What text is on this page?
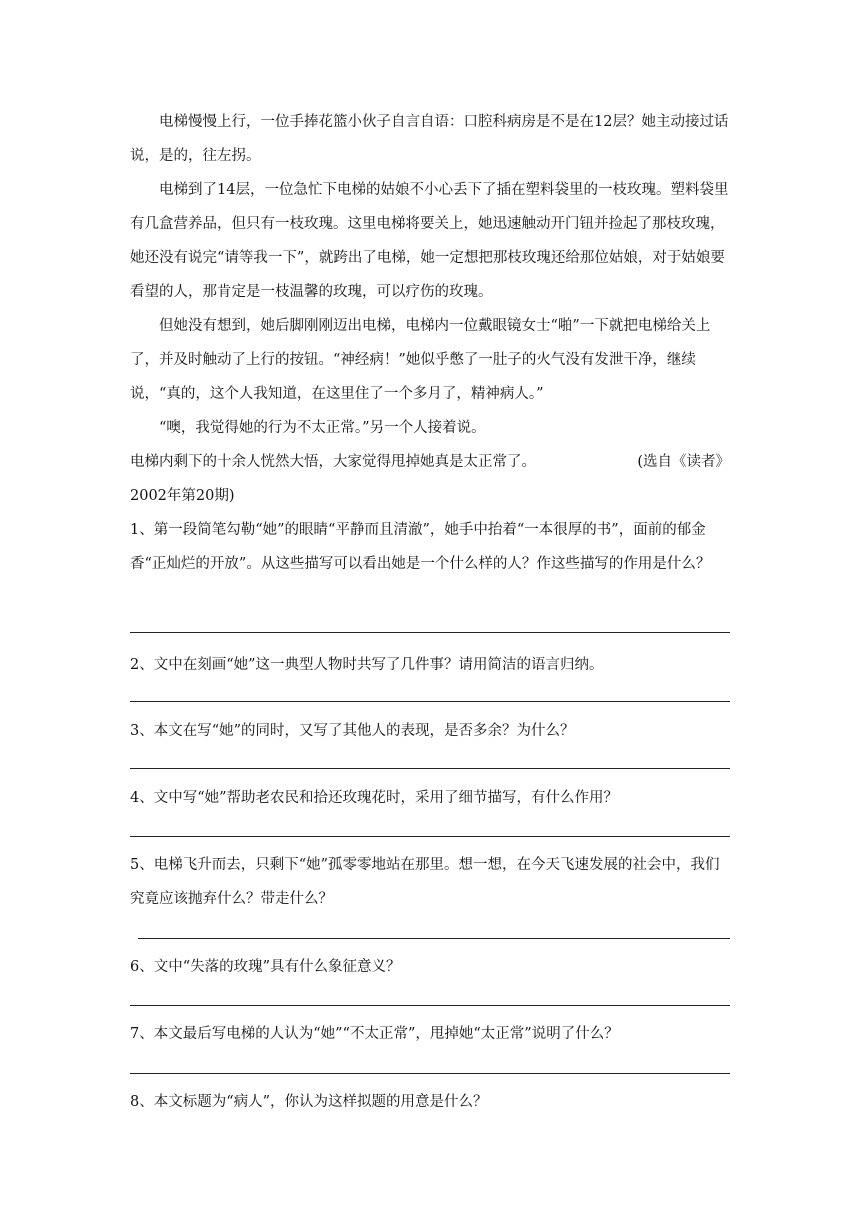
电梯慢慢上行，一位手捧花篮小伙子自言自语：口腔科病房是不是在12层？她主动接过话说，是的，往左拐。

电梯到了14层，一位急忙下电梯的姑娘不小心丢下了插在塑料袋里的一枝玫瑰。塑料袋里有几盒营养品，但只有一枝玫瑰。这里电梯将要关上，她迅速触动开门钮并捡起了那枝玫瑰，她还没有说完“请等我一下”，就跨出了电梯，她一定想把那枝玫瑰还给那位姑娘，对于姑娘要看望的人，那肯定是一枝温馨的玫瑰，可以疗伤的玫瑰。

但她没有想到，她后脚刚刚迈出电梯，电梯内一位戴眼镜女士“啪”一下就把电梯给关上了，并及时触动了上行的按钮。“神经病！”她似乎憋了一肚子的火气没有发泄干净，继续说，“真的，这个人我知道，在这里住了一个多月了，精神病人。”

“噢，我觉得她的行为不太正常。”另一个人接着说。

(选自《读者》
电梯内剩下的十余人恍然大悟，大家觉得甩掉她真是太正常了。

2002年第20期)

1、第一段简笔勾勒“她”的眼睛“平静而且清澈”，她手中抬着“一本很厚的书”，面前的郁金香“正灿烂的开放”。从这些描写可以看出她是一个什么样的人？作这些描写的作用是什么？

2、文中在刻画“她”这一典型人物时共写了几件事？请用简洁的语言归纳。

3、本文在写“她”的同时，又写了其他人的表现，是否多余？为什么？

4、文中写“她”帮助老农民和拾还玫瑰花时，采用了细节描写，有什么作用？

5、电梯飞升而去，只剩下“她”孤零零地站在那里。想一想，在今天飞速发展的社会中，我们究竟应该抛弃什么？带走什么？

6、文中“失落的玫瑰”具有什么象征意义？

7、本文最后写电梯的人认为“她”“不太正常”，甩掉她“太正常”说明了什么？

8、本文标题为“病人”，你认为这样拟题的用意是什么？
